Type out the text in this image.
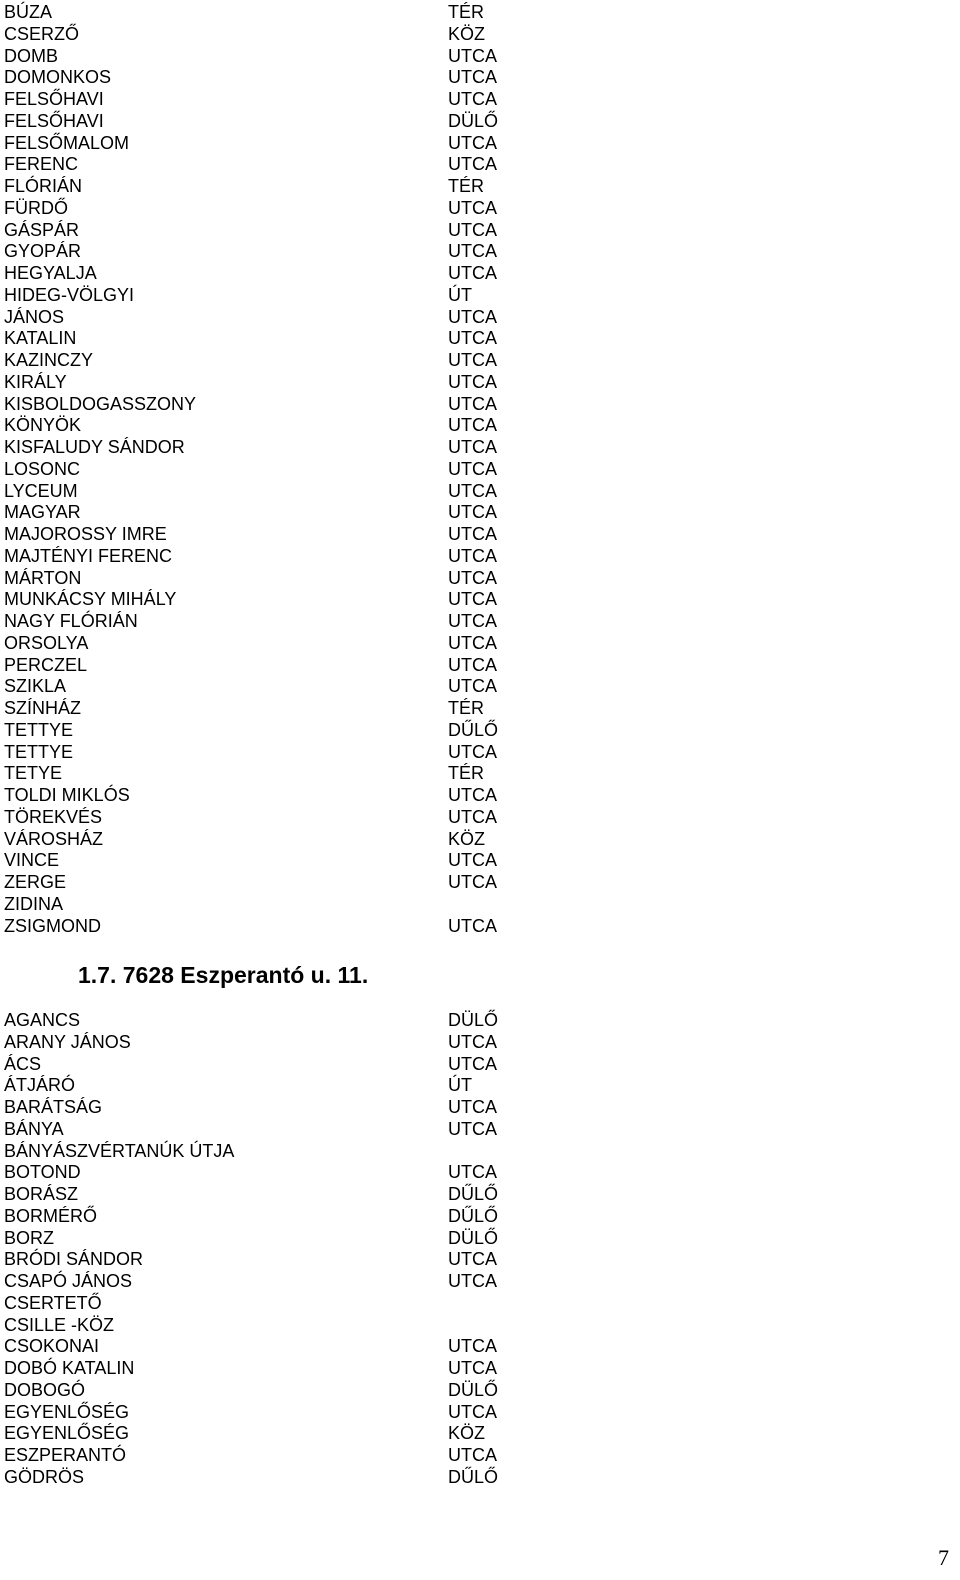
BÚZA	TÉR
CSERZŐ	KÖZ
DOMB	UTCA
DOMONKOS	UTCA
FELSŐHAVI	UTCA
FELSŐHAVI	DÜLŐ
FELSŐMALOM	UTCA
FERENC	UTCA
FLÓRIÁN	TÉR
FÜRDŐ	UTCA
GÁSPÁR	UTCA
GYOPÁR	UTCA
HEGYALJA	UTCA
HIDEG-VÖLGYI	ÚT
JÁNOS	UTCA
KATALIN	UTCA
KAZINCZY	UTCA
KIRÁLY	UTCA
KISBOLDOGASSZONY	UTCA
KÖNYÖK	UTCA
KISFALUDY SÁNDOR	UTCA
LOSONC	UTCA
LYCEUM	UTCA
MAGYAR	UTCA
MAJOROSSY IMRE	UTCA
MAJTÉNYI FERENC	UTCA
MÁRTON	UTCA
MUNKÁCSY MIHÁLY	UTCA
NAGY FLÓRIÁN	UTCA
ORSOLYA	UTCA
PERCZEL	UTCA
SZIKLA	UTCA
SZÍNHÁZ	TÉR
TETTYE	DŰLŐ
TETTYE	UTCA
TETYE	TÉR
TOLDI MIKLÓS	UTCA
TÖREKVÉS	UTCA
VÁROSHÁZ	KÖZ
VINCE	UTCA
ZERGE	UTCA
ZIDINA
ZSIGMOND	UTCA
1.7. 7628 Eszperantó u. 11.
AGANCS	DÜLŐ
ARANY JÁNOS	UTCA
ÁCS	UTCA
ÁTJÁRÓ	ÚT
BARÁTSÁG	UTCA
BÁNYA	UTCA
BÁNYÁSZVÉRTANÚK ÚTJA
BOTOND	UTCA
BORÁSZ	DŰLŐ
BORMÉRŐ	DŰLŐ
BORZ	DÜLŐ
BRÓDI SÁNDOR	UTCA
CSAPÓ JÁNOS	UTCA
CSERTETŐ
CSILLE -KÖZ
CSOKONAI	UTCA
DOBÓ KATALIN	UTCA
DOBOGÓ	DÜLŐ
EGYENLŐSÉG	UTCA
EGYENLŐSÉG	KÖZ
ESZPERANTÓ	UTCA
GÖDRÖS	DŰLŐ
7
